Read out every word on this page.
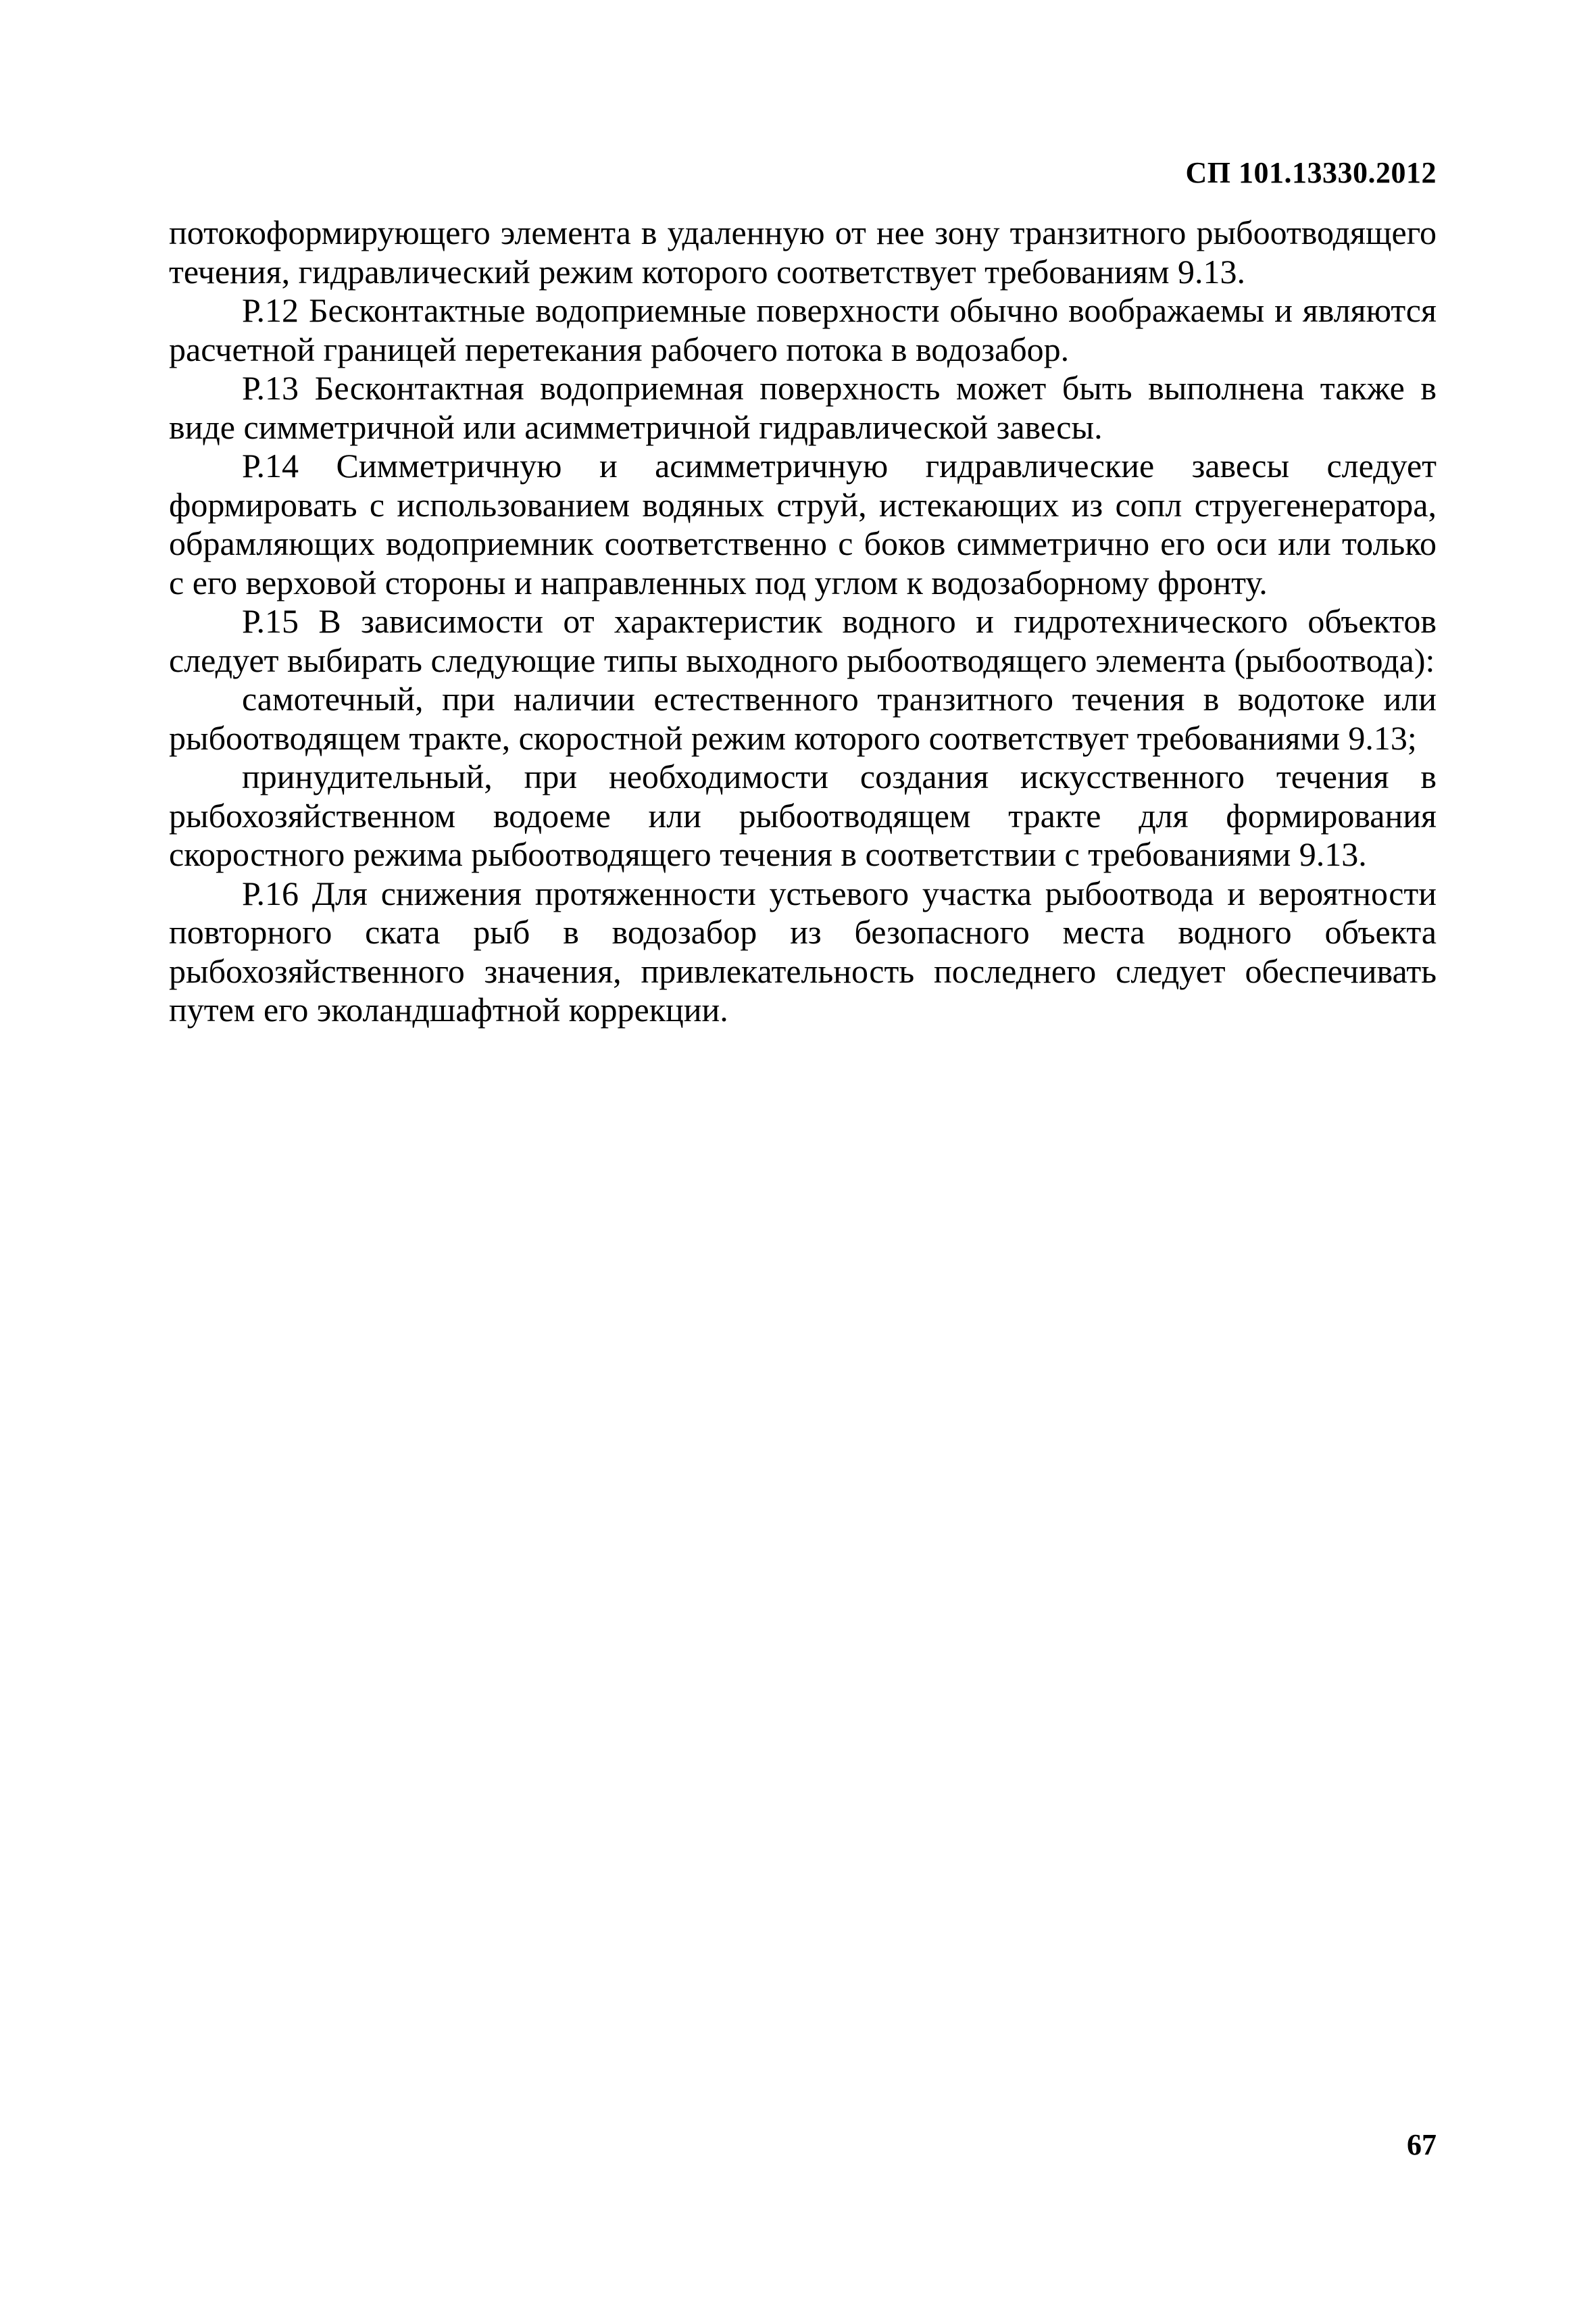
СП 101.13330.2012

потокоформирующего элемента в удаленную от нее зону транзитного рыбоотводящего течения, гидравлический режим которого соответствует требованиям 9.13.

Р.12 Бесконтактные водоприемные поверхности обычно воображаемы и являются расчетной границей перетекания рабочего потока в водозабор.

Р.13 Бесконтактная водоприемная поверхность может быть выполнена также в виде симметричной или асимметричной гидравлической завесы.

Р.14 Симметричную и асимметричную гидравлические завесы следует формировать с использованием водяных струй, истекающих из сопл струегенератора, обрамляющих водоприемник соответственно с боков симметрично его оси или только с его верховой стороны и направленных под углом к водозаборному фронту.

Р.15 В зависимости от характеристик водного и гидротехнического объектов следует выбирать следующие типы выходного рыбоотводящего элемента (рыбоотвода):

самотечный, при наличии естественного транзитного течения в водотоке или рыбоотводящем тракте, скоростной режим которого соответствует требованиями 9.13;

принудительный, при необходимости создания искусственного течения в рыбохозяйственном водоеме или рыбоотводящем тракте для формирования скоростного режима рыбоотводящего течения в соответствии с требованиями 9.13.

Р.16 Для снижения протяженности устьевого участка рыбоотвода и вероятности повторного ската рыб в водозабор из безопасного места водного объекта рыбохозяйственного значения, привлекательность последнего следует обеспечивать путем его эколандшафтной коррекции.

67
